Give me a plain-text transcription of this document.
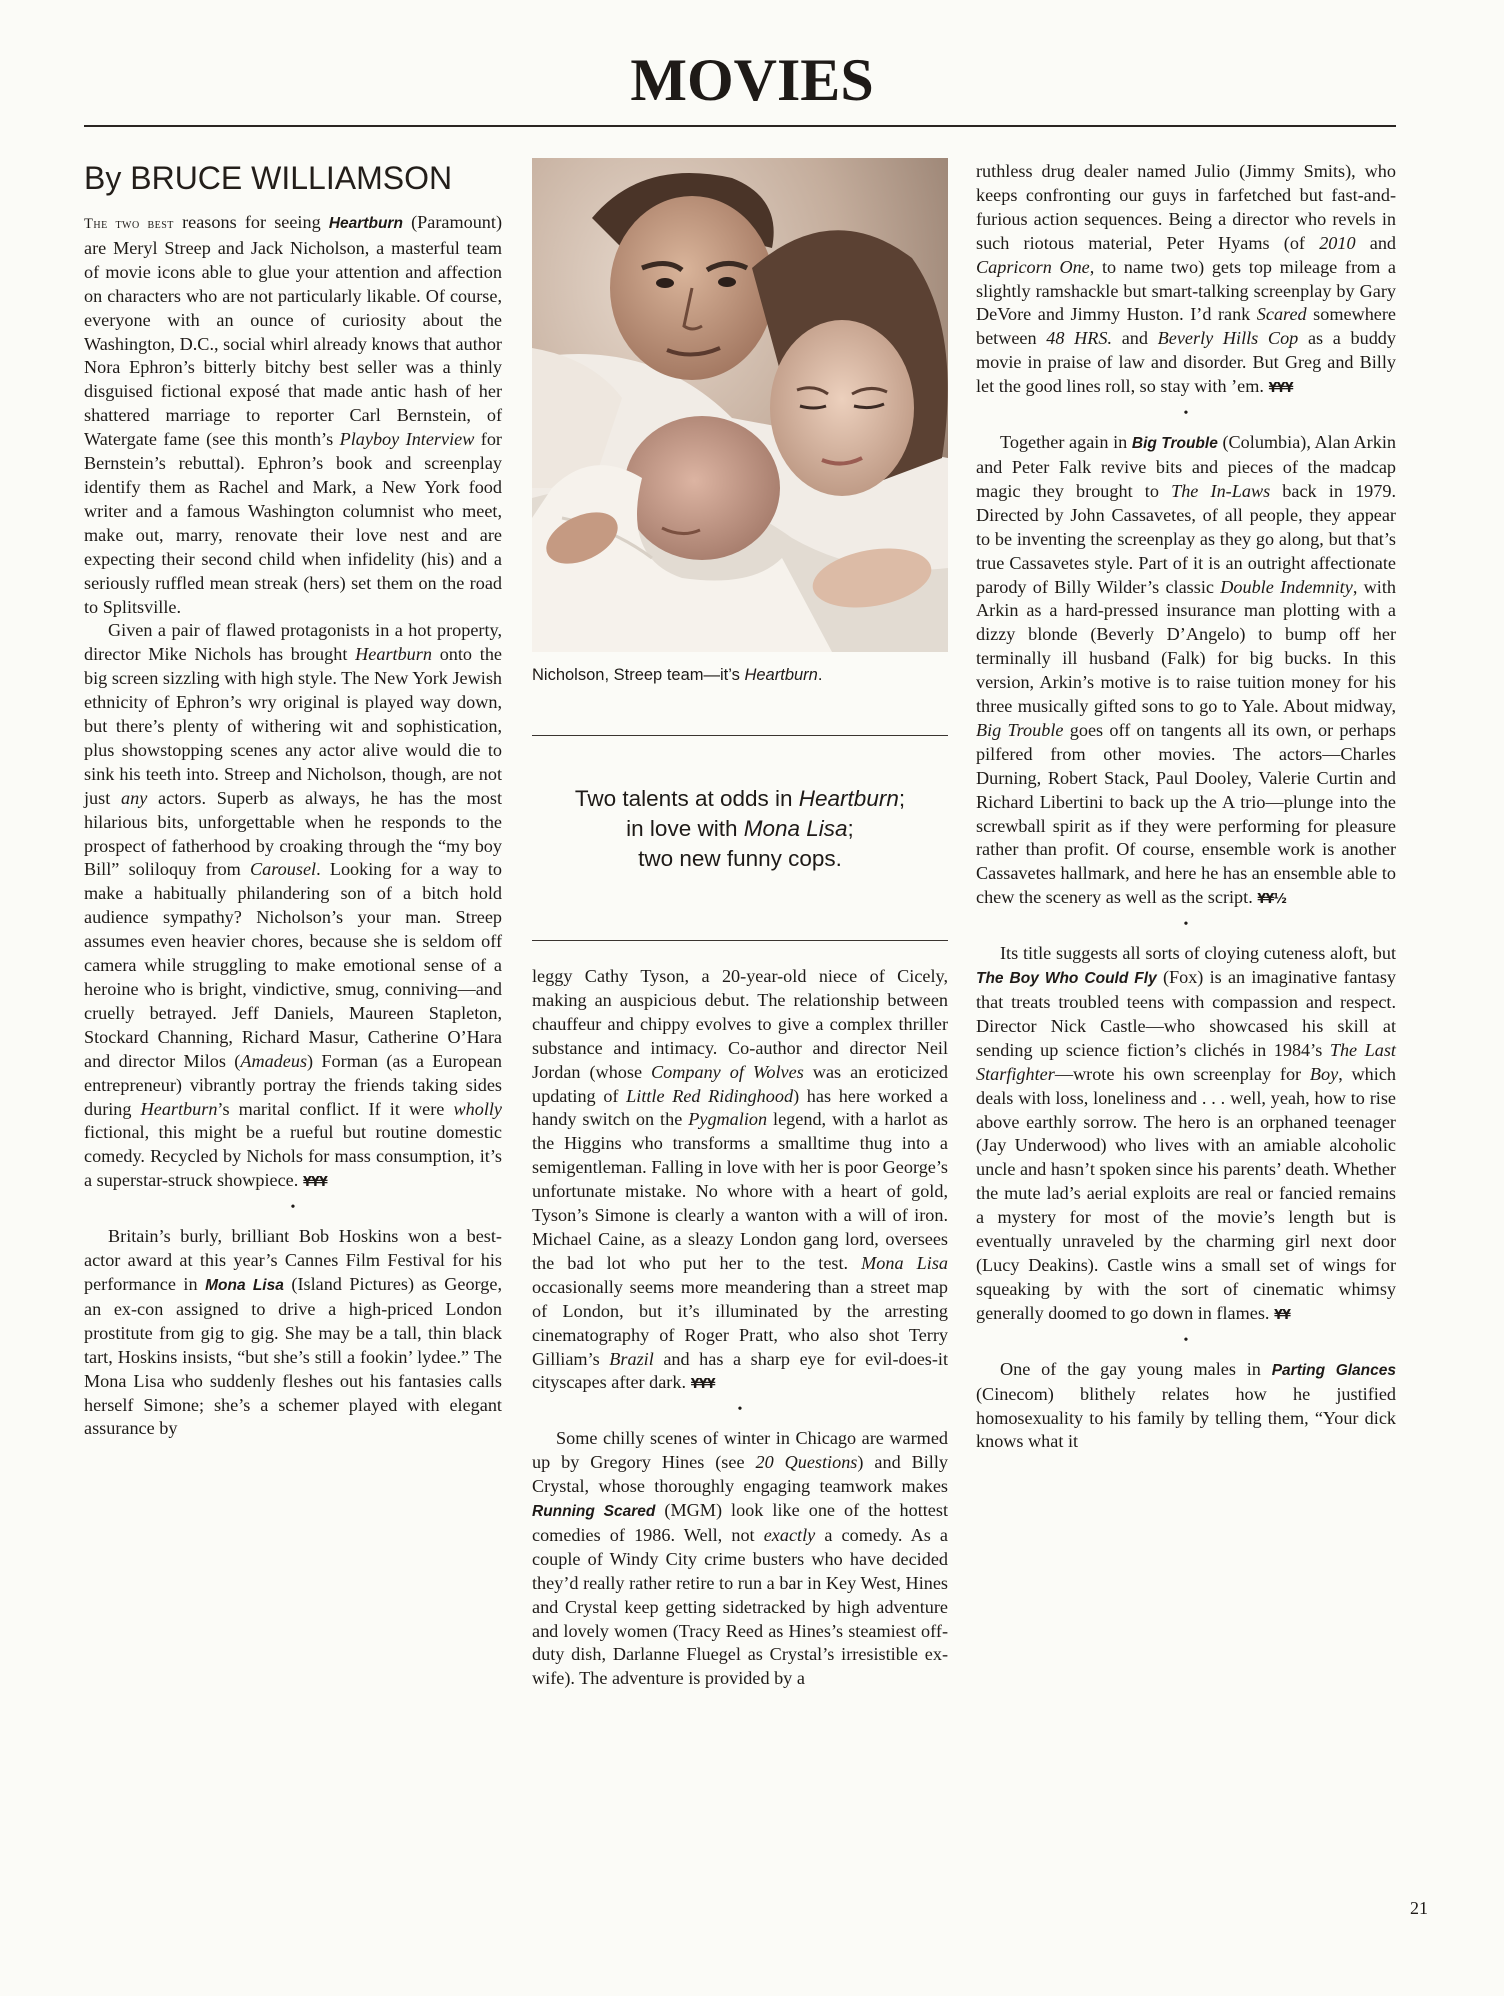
MOVIES
By BRUCE WILLIAMSON

The two best reasons for seeing Heartburn (Paramount) are Meryl Streep and Jack Nicholson, a masterful team of movie icons able to glue your attention and affection on characters who are not particularly likable. Of course, everyone with an ounce of curiosity about the Washington, D.C., social whirl already knows that author Nora Ephron’s bitterly bitchy best seller was a thinly disguised fictional exposé that made antic hash of her shattered marriage to reporter Carl Bernstein, of Watergate fame (see this month’s Playboy Interview for Bernstein’s rebuttal). Ephron’s book and screenplay identify them as Rachel and Mark, a New York food writer and a famous Washington columnist who meet, make out, marry, renovate their love nest and are expecting their second child when infidelity (his) and a seriously ruffled mean streak (hers) set them on the road to Splitsville.

Given a pair of flawed protagonists in a hot property, director Mike Nichols has brought Heartburn onto the big screen sizzling with high style. The New York Jewish ethnicity of Ephron’s wry original is played way down, but there’s plenty of withering wit and sophistication, plus showstopping scenes any actor alive would die to sink his teeth into. Streep and Nicholson, though, are not just any actors. Superb as always, he has the most hilarious bits, unforgettable when he responds to the prospect of fatherhood by croaking through the “my boy Bill” soliloquy from Carousel. Looking for a way to make a habitually philandering son of a bitch hold audience sympathy? Nicholson’s your man. Streep assumes even heavier chores, because she is seldom off camera while struggling to make emotional sense of a heroine who is bright, vindictive, smug, conniving—and cruelly betrayed. Jeff Daniels, Maureen Stapleton, Stockard Channing, Richard Masur, Catherine O’Hara and director Milos (Amadeus) Forman (as a European entrepreneur) vibrantly portray the friends taking sides during Heartburn’s marital conflict. If it were wholly fictional, this might be a rueful but routine domestic comedy. Recycled by Nichols for mass consumption, it’s a superstar-struck showpiece. ¥¥¥

•

Britain’s burly, brilliant Bob Hoskins won a best-actor award at this year’s Cannes Film Festival for his performance in Mona Lisa (Island Pictures) as George, an ex-con assigned to drive a high-priced London prostitute from gig to gig. She may be a tall, thin black tart, Hoskins insists, “but she’s still a fookin’ lydee.” The Mona Lisa who suddenly fleshes out his fantasies calls herself Simone; she’s a schemer played with elegant assurance by

Nicholson, Streep team—it’s Heartburn.
Two talents at odds in Heartburn;
in love with Mona Lisa;
two new funny cops.

leggy Cathy Tyson, a 20-year-old niece of Cicely, making an auspicious debut. The relationship between chauffeur and chippy evolves to give a complex thriller substance and intimacy. Co-author and director Neil Jordan (whose Company of Wolves was an eroticized updating of Little Red Ridinghood) has here worked a handy switch on the Pygmalion legend, with a harlot as the Higgins who transforms a smalltime thug into a semigentleman. Falling in love with her is poor George’s unfortunate mistake. No whore with a heart of gold, Tyson’s Simone is clearly a wanton with a will of iron. Michael Caine, as a sleazy London gang lord, oversees the bad lot who put her to the test. Mona Lisa occasionally seems more meandering than a street map of London, but it’s illuminated by the arresting cinematography of Roger Pratt, who also shot Terry Gilliam’s Brazil and has a sharp eye for evil-does-it cityscapes after dark. ¥¥¥

•

Some chilly scenes of winter in Chicago are warmed up by Gregory Hines (see 20 Questions) and Billy Crystal, whose thoroughly engaging teamwork makes Running Scared (MGM) look like one of the hottest comedies of 1986. Well, not exactly a comedy. As a couple of Windy City crime busters who have decided they’d really rather retire to run a bar in Key West, Hines and Crystal keep getting sidetracked by high adventure and lovely women (Tracy Reed as Hines’s steamiest off-duty dish, Darlanne Fluegel as Crystal’s irresistible ex-wife). The adventure is provided by a

ruthless drug dealer named Julio (Jimmy Smits), who keeps confronting our guys in farfetched but fast-and-furious action sequences. Being a director who revels in such riotous material, Peter Hyams (of 2010 and Capricorn One, to name two) gets top mileage from a slightly ramshackle but smart-talking screenplay by Gary DeVore and Jimmy Huston. I’d rank Scared somewhere between 48 HRS. and Beverly Hills Cop as a buddy movie in praise of law and disorder. But Greg and Billy let the good lines roll, so stay with ’em. ¥¥¥

•

Together again in Big Trouble (Columbia), Alan Arkin and Peter Falk revive bits and pieces of the madcap magic they brought to The In-Laws back in 1979. Directed by John Cassavetes, of all people, they appear to be inventing the screenplay as they go along, but that’s true Cassavetes style. Part of it is an outright affectionate parody of Billy Wilder’s classic Double Indemnity, with Arkin as a hard-pressed insurance man plotting with a dizzy blonde (Beverly D’Angelo) to bump off her terminally ill husband (Falk) for big bucks. In this version, Arkin’s motive is to raise tuition money for his three musically gifted sons to go to Yale. About midway, Big Trouble goes off on tangents all its own, or perhaps pilfered from other movies. The actors—Charles Durning, Robert Stack, Paul Dooley, Valerie Curtin and Richard Libertini to back up the A trio—plunge into the screwball spirit as if they were performing for pleasure rather than profit. Of course, ensemble work is another Cassavetes hallmark, and here he has an ensemble able to chew the scenery as well as the script. ¥¥½

•

Its title suggests all sorts of cloying cuteness aloft, but The Boy Who Could Fly (Fox) is an imaginative fantasy that treats troubled teens with compassion and respect. Director Nick Castle—who showcased his skill at sending up science fiction’s clichés in 1984’s The Last Starfighter—wrote his own screenplay for Boy, which deals with loss, loneliness and . . . well, yeah, how to rise above earthly sorrow. The hero is an orphaned teenager (Jay Underwood) who lives with an amiable alcoholic uncle and hasn’t spoken since his parents’ death. Whether the mute lad’s aerial exploits are real or fancied remains a mystery for most of the movie’s length but is eventually unraveled by the charming girl next door (Lucy Deakins). Castle wins a small set of wings for squeaking by with the sort of cinematic whimsy generally doomed to go down in flames. ¥¥

•

One of the gay young males in Parting Glances (Cinecom) blithely relates how he justified homosexuality to his family by telling them, “Your dick knows what it

21
